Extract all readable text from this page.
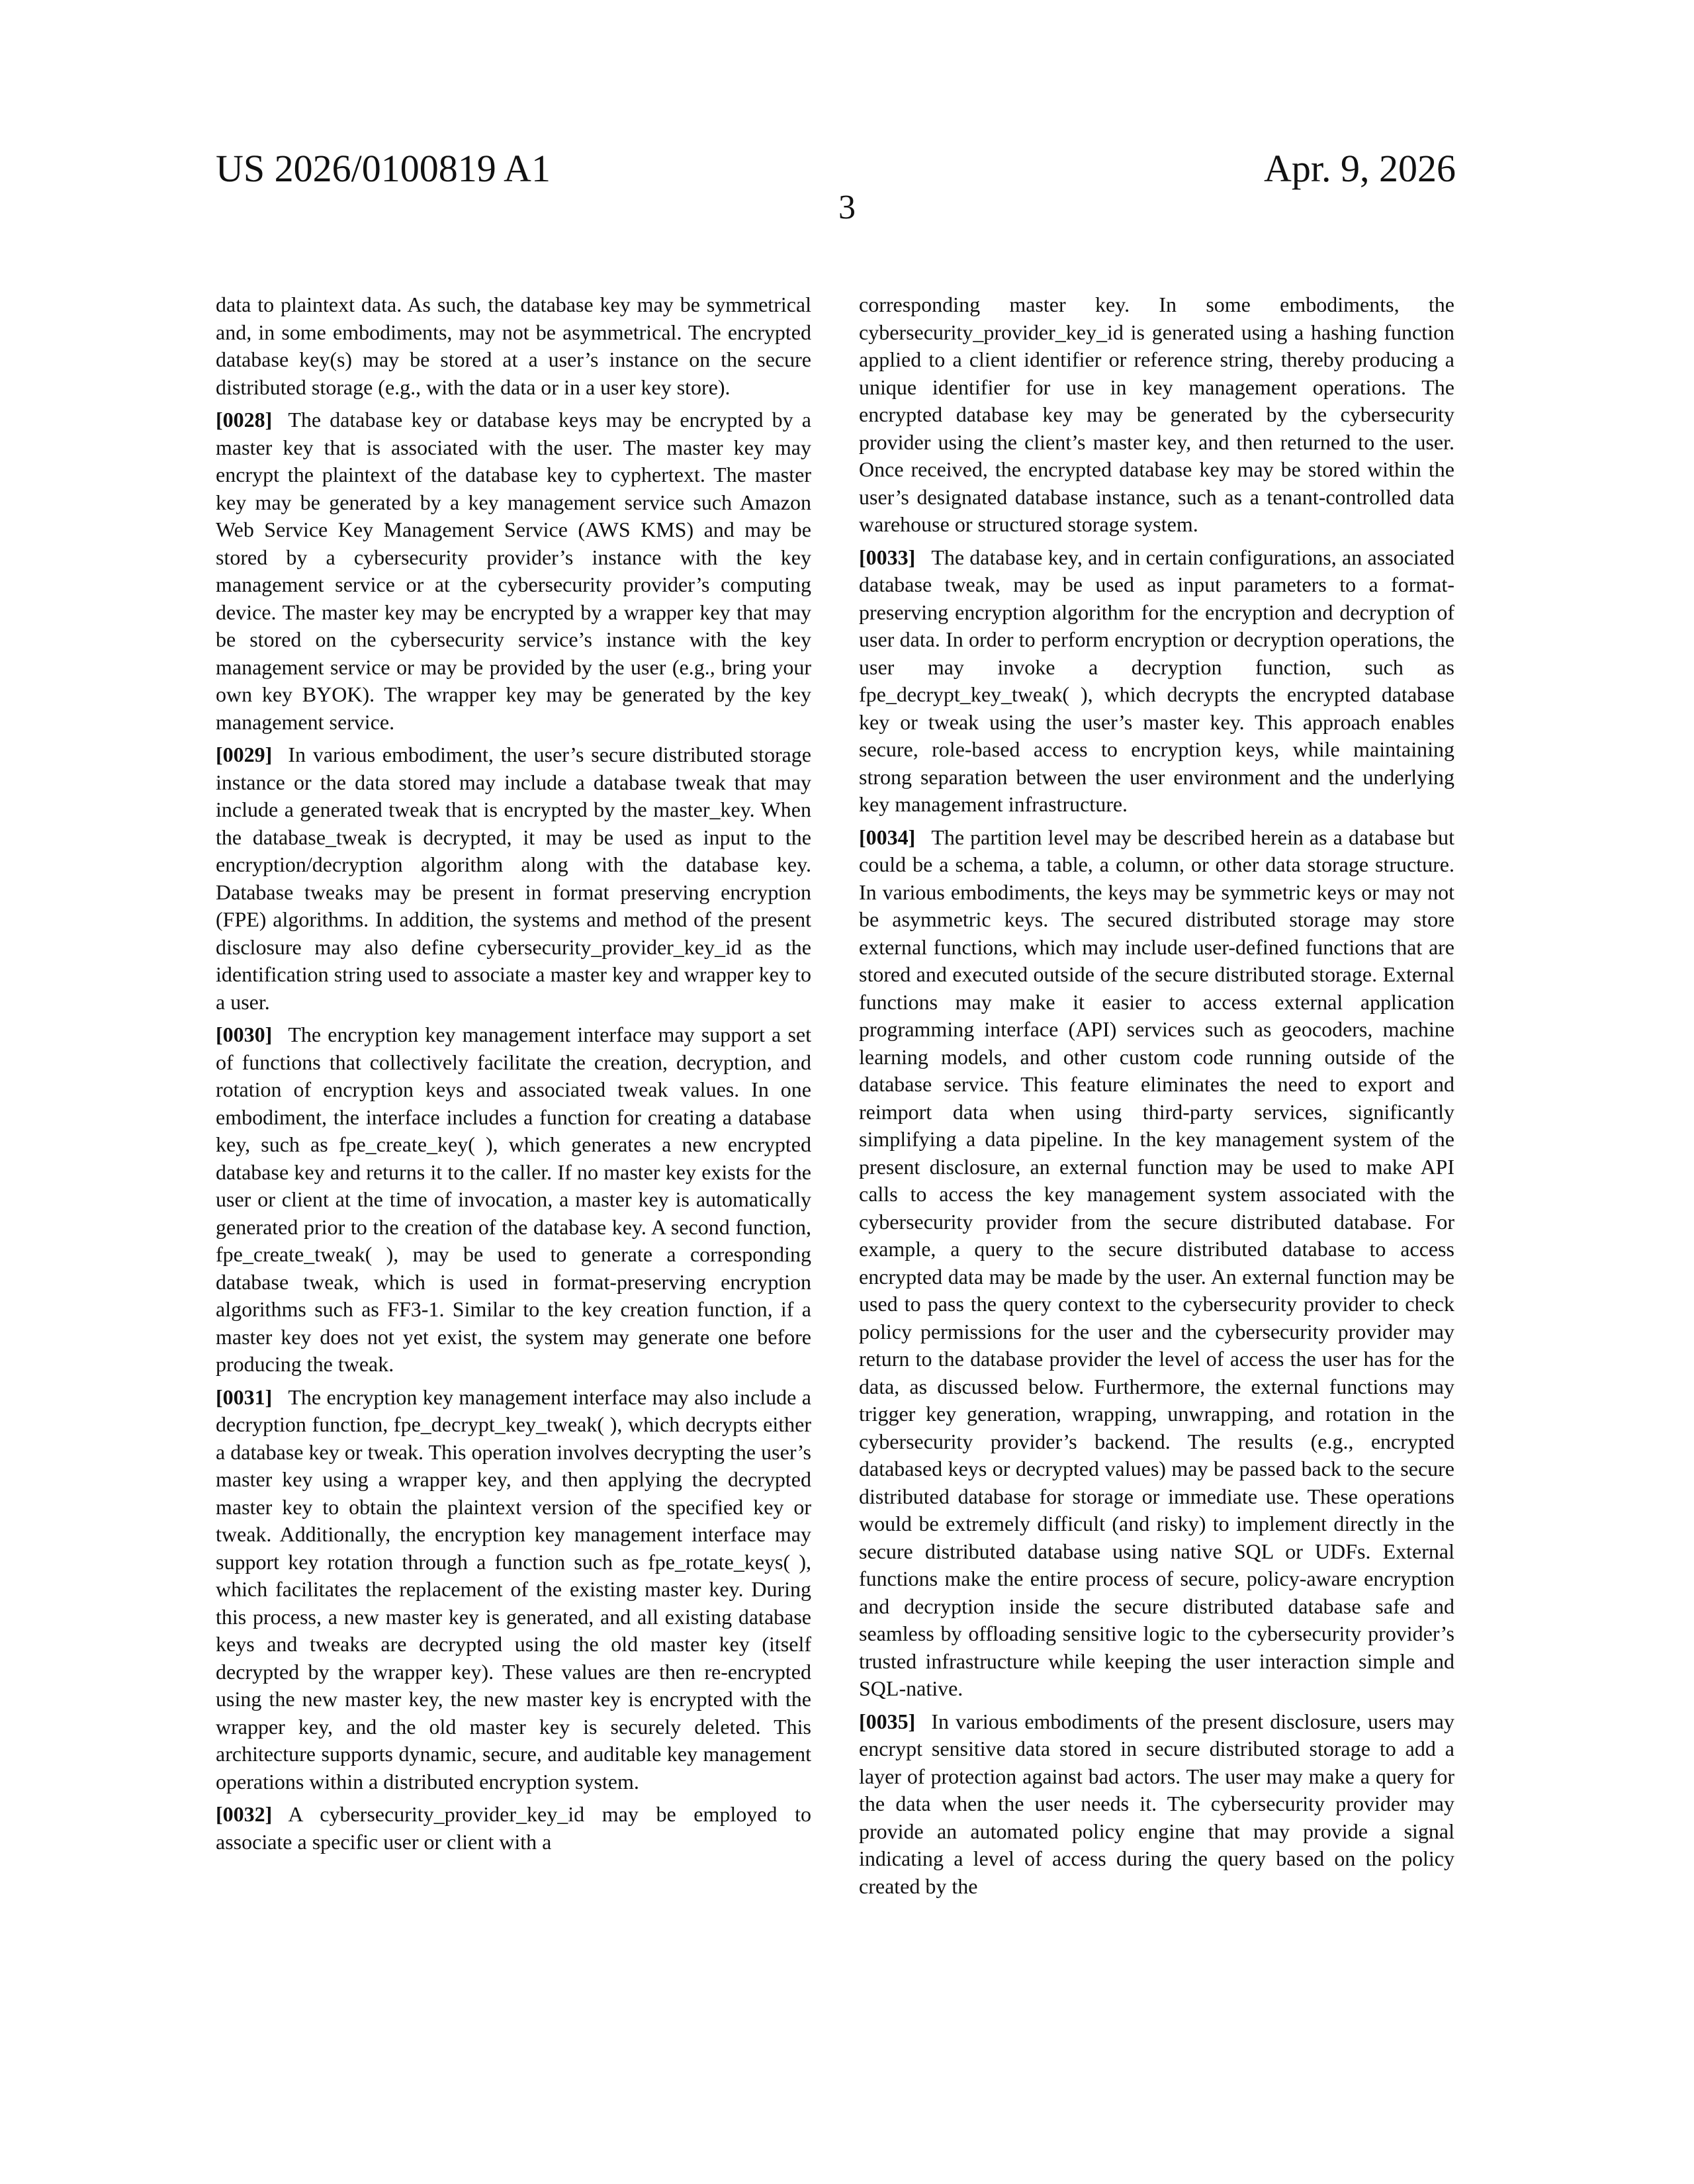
US 2026/0100819 A1	Apr. 9, 2026
3

data to plaintext data. As such, the database key may be symmetrical and, in some embodiments, may not be asymmetrical. The encrypted database key(s) may be stored at a user’s instance on the secure distributed storage (e.g., with the data or in a user key store).

[0028] The database key or database keys may be encrypted by a master key that is associated with the user. The master key may encrypt the plaintext of the database key to cyphertext. The master key may be generated by a key management service such Amazon Web Service Key Management Service (AWS KMS) and may be stored by a cybersecurity provider’s instance with the key management service or at the cybersecurity provider’s computing device. The master key may be encrypted by a wrapper key that may be stored on the cybersecurity service’s instance with the key management service or may be provided by the user (e.g., bring your own key BYOK). The wrapper key may be generated by the key management service.

[0029] In various embodiment, the user’s secure distributed storage instance or the data stored may include a database tweak that may include a generated tweak that is encrypted by the master_key. When the database_tweak is decrypted, it may be used as input to the encryption/decryption algorithm along with the database key. Database tweaks may be present in format preserving encryption (FPE) algorithms. In addition, the systems and method of the present disclosure may also define cybersecurity_provider_key_id as the identification string used to associate a master key and wrapper key to a user.

[0030] The encryption key management interface may support a set of functions that collectively facilitate the creation, decryption, and rotation of encryption keys and associated tweak values. In one embodiment, the interface includes a function for creating a database key, such as fpe_create_key( ), which generates a new encrypted database key and returns it to the caller. If no master key exists for the user or client at the time of invocation, a master key is automatically generated prior to the creation of the database key. A second function, fpe_create_tweak( ), may be used to generate a corresponding database tweak, which is used in format-preserving encryption algorithms such as FF3-1. Similar to the key creation function, if a master key does not yet exist, the system may generate one before producing the tweak.

[0031] The encryption key management interface may also include a decryption function, fpe_decrypt_key_tweak( ), which decrypts either a database key or tweak. This operation involves decrypting the user’s master key using a wrapper key, and then applying the decrypted master key to obtain the plaintext version of the specified key or tweak. Additionally, the encryption key management interface may support key rotation through a function such as fpe_rotate_keys( ), which facilitates the replacement of the existing master key. During this process, a new master key is generated, and all existing database keys and tweaks are decrypted using the old master key (itself decrypted by the wrapper key). These values are then re-encrypted using the new master key, the new master key is encrypted with the wrapper key, and the old master key is securely deleted. This architecture supports dynamic, secure, and auditable key management operations within a distributed encryption system.

[0032] A cybersecurity_provider_key_id may be employed to associate a specific user or client with a

corresponding master key. In some embodiments, the cybersecurity_provider_key_id is generated using a hashing function applied to a client identifier or reference string, thereby producing a unique identifier for use in key management operations. The encrypted database key may be generated by the cybersecurity provider using the client’s master key, and then returned to the user. Once received, the encrypted database key may be stored within the user’s designated database instance, such as a tenant-controlled data warehouse or structured storage system.

[0033] The database key, and in certain configurations, an associated database tweak, may be used as input parameters to a format-preserving encryption algorithm for the encryption and decryption of user data. In order to perform encryption or decryption operations, the user may invoke a decryption function, such as fpe_decrypt_key_tweak( ), which decrypts the encrypted database key or tweak using the user’s master key. This approach enables secure, role-based access to encryption keys, while maintaining strong separation between the user environment and the underlying key management infrastructure.

[0034] The partition level may be described herein as a database but could be a schema, a table, a column, or other data storage structure. In various embodiments, the keys may be symmetric keys or may not be asymmetric keys. The secured distributed storage may store external functions, which may include user-defined functions that are stored and executed outside of the secure distributed storage. External functions may make it easier to access external application programming interface (API) services such as geocoders, machine learning models, and other custom code running outside of the database service. This feature eliminates the need to export and reimport data when using third-party services, significantly simplifying a data pipeline. In the key management system of the present disclosure, an external function may be used to make API calls to access the key management system associated with the cybersecurity provider from the secure distributed database. For example, a query to the secure distributed database to access encrypted data may be made by the user. An external function may be used to pass the query context to the cybersecurity provider to check policy permissions for the user and the cybersecurity provider may return to the database provider the level of access the user has for the data, as discussed below. Furthermore, the external functions may trigger key generation, wrapping, unwrapping, and rotation in the cybersecurity provider’s backend. The results (e.g., encrypted databased keys or decrypted values) may be passed back to the secure distributed database for storage or immediate use. These operations would be extremely difficult (and risky) to implement directly in the secure distributed database using native SQL or UDFs. External functions make the entire process of secure, policy-aware encryption and decryption inside the secure distributed database safe and seamless by offloading sensitive logic to the cybersecurity provider’s trusted infrastructure while keeping the user interaction simple and SQL-native.

[0035] In various embodiments of the present disclosure, users may encrypt sensitive data stored in secure distributed storage to add a layer of protection against bad actors. The user may make a query for the data when the user needs it. The cybersecurity provider may provide an automated policy engine that may provide a signal indicating a level of access during the query based on the policy created by the
